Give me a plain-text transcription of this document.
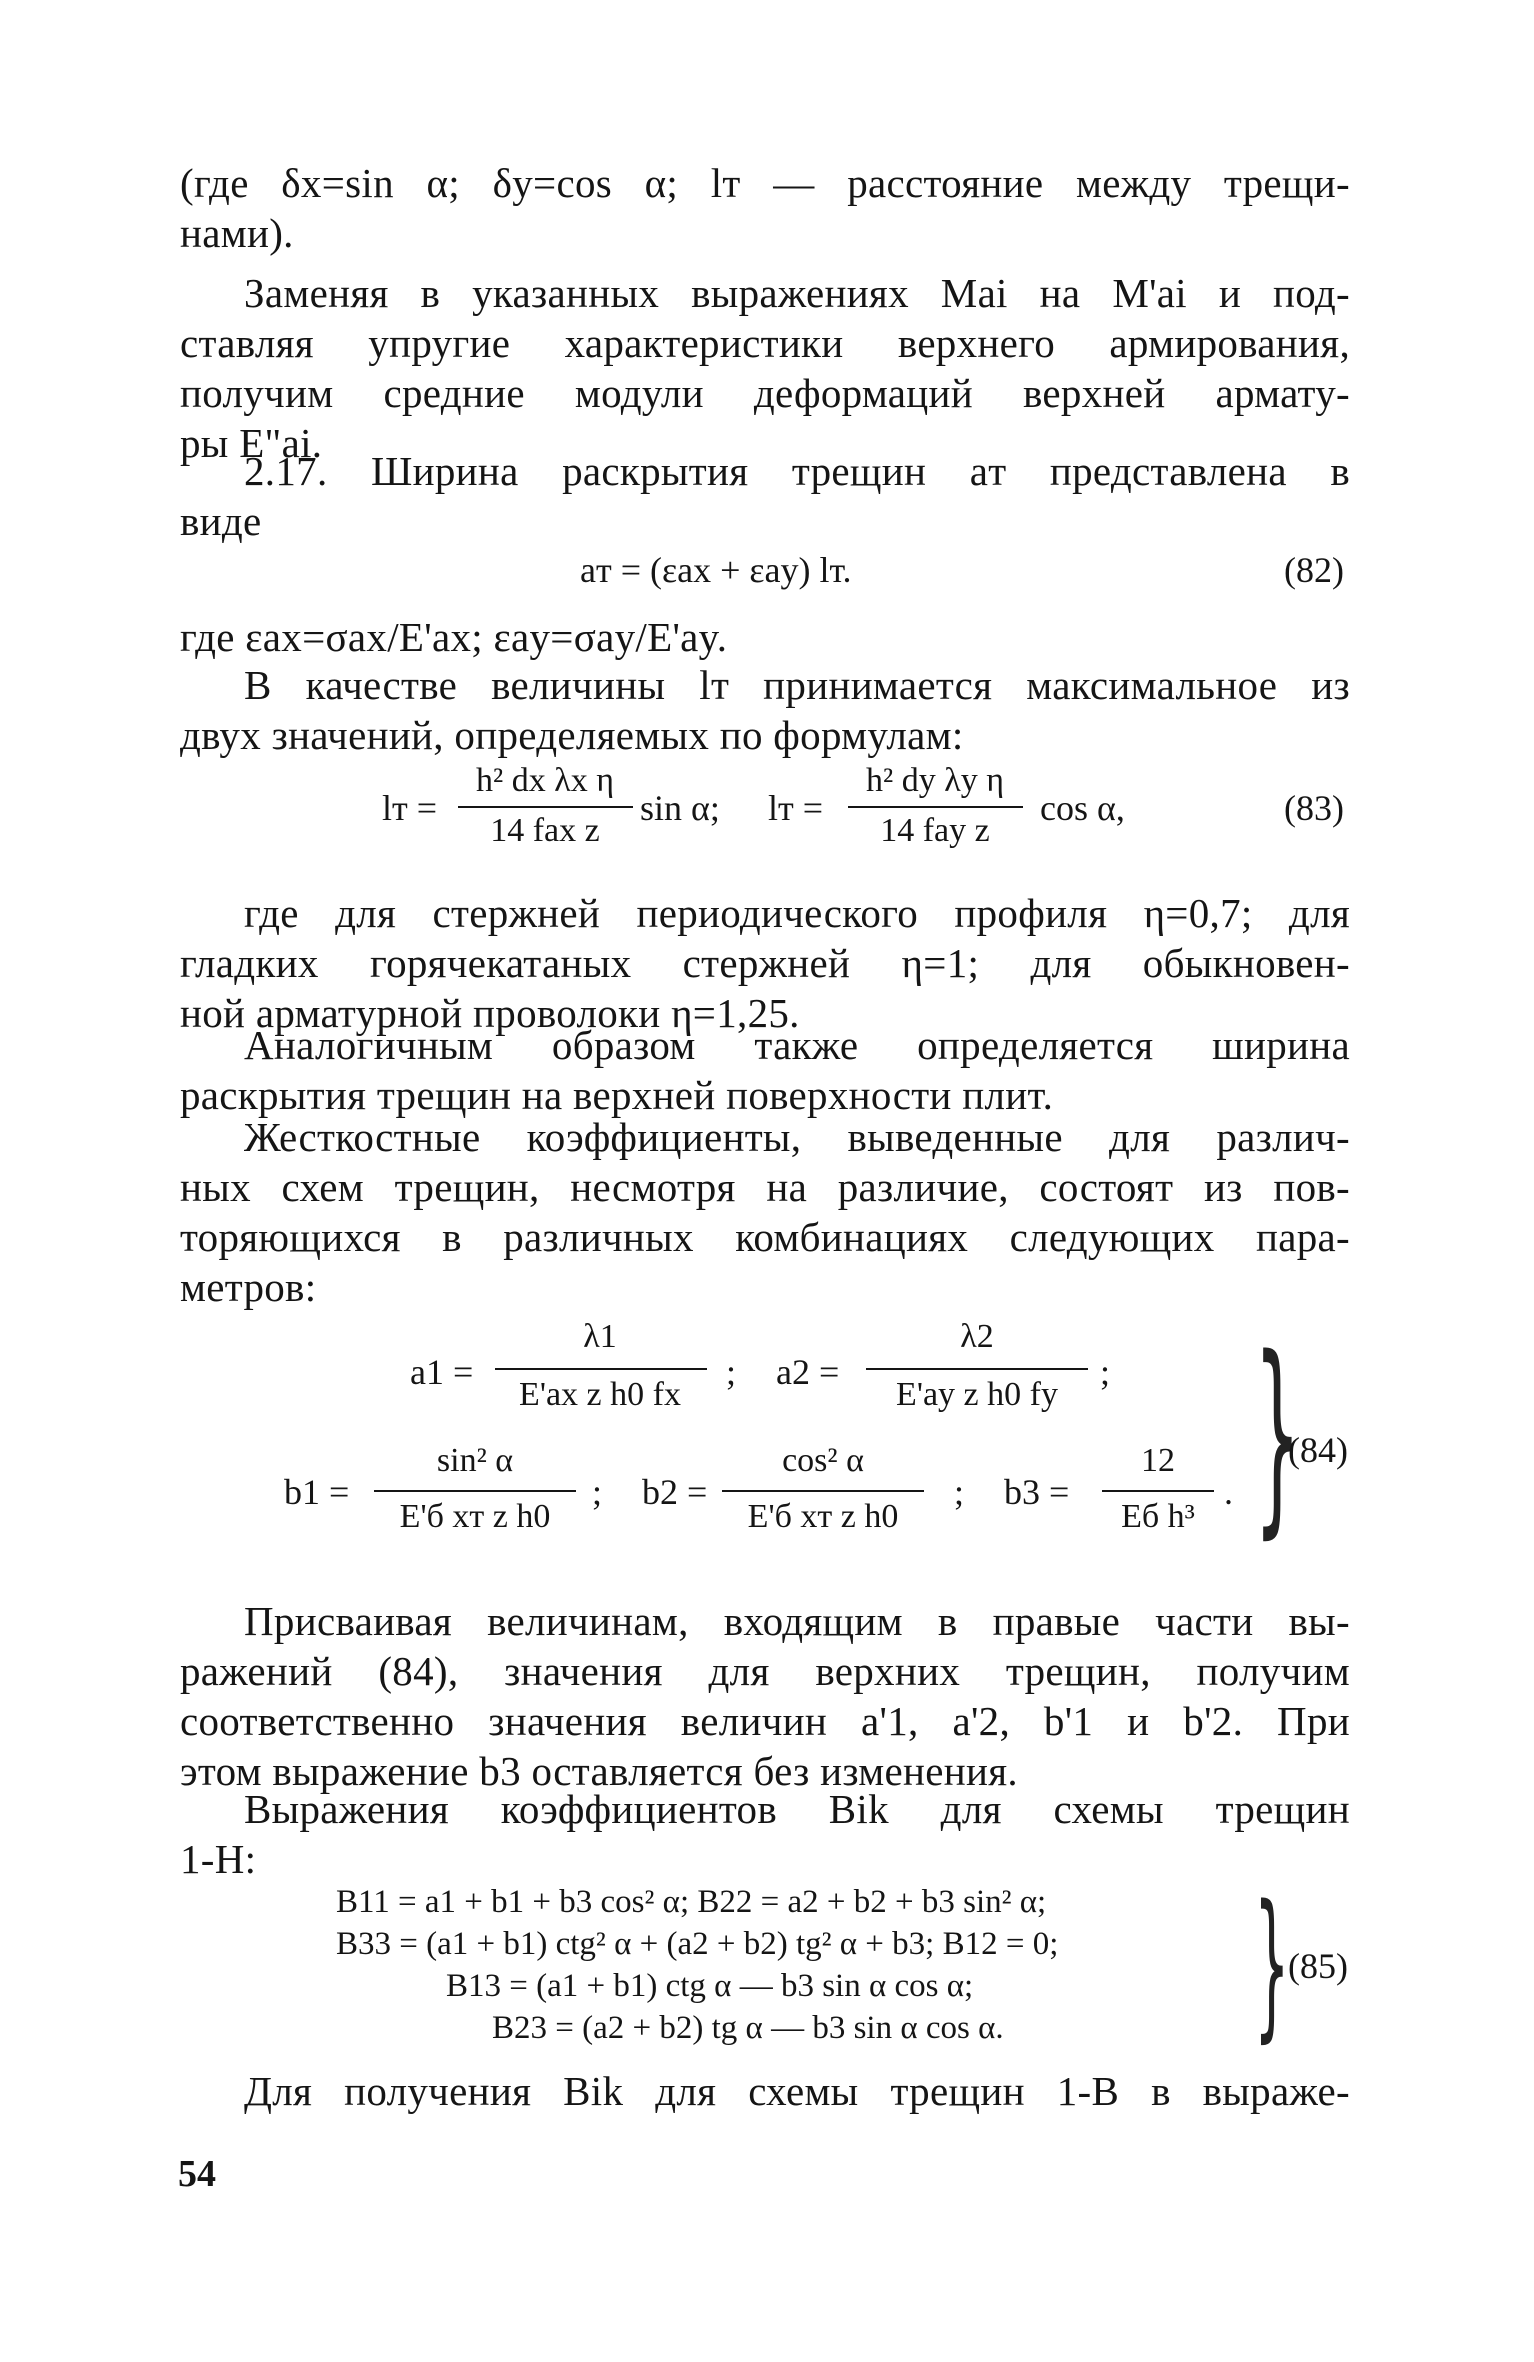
(где δx=sin α; δy=cos α; lт — расстояние между трещи-
нами).
Заменяя в указанных выражениях Mai на M'ai и под-
ставляя упругие характеристики верхнего армирования,
получим средние модули деформаций верхней армату-
ры E"ai.
2.17. Ширина раскрытия трещин aт представлена в
виде
aт = (εax + εay) lт.	(82)
где εax=σax/E'ax; εay=σay/E'ay.
В качестве величины lт принимается максимальное из
двух значений, определяемых по формулам:
lт =
h² dx λx η
14 fax z
sin α; lт =
h² dy λy η
14 fay z
cos α,	(83)
где для стержней периодического профиля η=0,7; для
гладких горячекатаных стержней η=1; для обыкновен-
ной арматурной проволоки η=1,25.
Аналогичным образом также определяется ширина
раскрытия трещин на верхней поверхности плит.
Жесткостные коэффициенты, выведенные для различ-
ных схем трещин, несмотря на различие, состоят из пов-
торяющихся в различных комбинациях следующих пара-
метров:
a1 =
λ1
E'ax z h0 fx
; a2 =
λ2
E'ay z h0 fy
;
b1 =
sin² α
E'б xт z h0
; b2 =
cos² α
E'б xт z h0
; b3 =
12
Eб h³
. }
(84)
Присваивая величинам, входящим в правые части вы-
ражений (84), значения для верхних трещин, получим
соответственно значения величин a'1, a'2, b'1 и b'2. При
этом выражение b3 оставляется без изменения.
Выражения коэффициентов Bik для схемы трещин
1-Н:
B11 = a1 + b1 + b3 cos² α; B22 = a2 + b2 + b3 sin² α;
B33 = (a1 + b1) ctg² α + (a2 + b2) tg² α + b3; B12 = 0;
B13 = (a1 + b1) ctg α — b3 sin α cos α;
B23 = (a2 + b2) tg α — b3 sin α cos α. }
(85)
Для получения Bik для схемы трещин 1-В в выраже-
54
